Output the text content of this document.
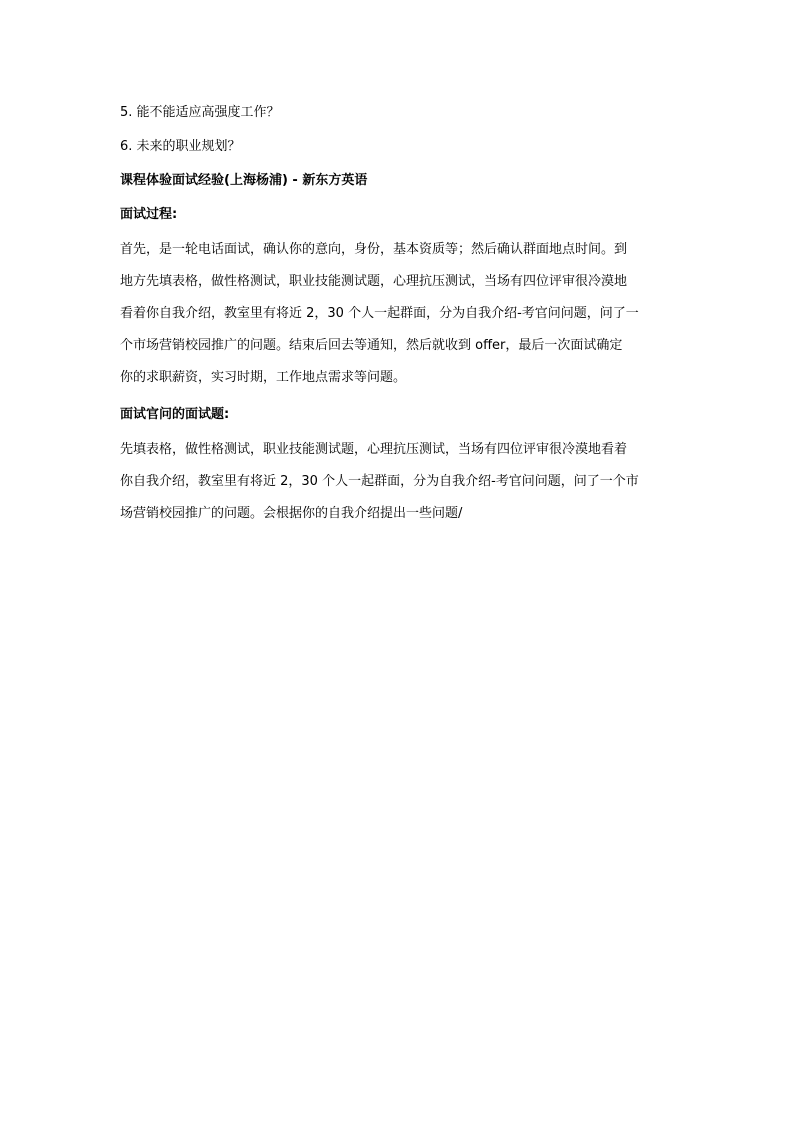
5. 能不能适应高强度工作？

6. 未来的职业规划？

课程体验面试经验(上海杨浦) - 新东方英语

面试过程:

首先，是一轮电话面试，确认你的意向，身份，基本资质等；然后确认群面地点时间。到
地方先填表格，做性格测试，职业技能测试题，心理抗压测试，当场有四位评审很冷漠地
看着你自我介绍，教室里有将近 2，30 个人一起群面，分为自我介绍-考官问问题，问了一
个市场营销校园推广的问题。结束后回去等通知，然后就收到 offer，最后一次面试确定
你的求职薪资，实习时期，工作地点需求等问题。

面试官问的面试题:

先填表格，做性格测试，职业技能测试题，心理抗压测试，当场有四位评审很冷漠地看着
你自我介绍，教室里有将近 2，30 个人一起群面，分为自我介绍-考官问问题，问了一个市
场营销校园推广的问题。会根据你的自我介绍提出一些问题/
